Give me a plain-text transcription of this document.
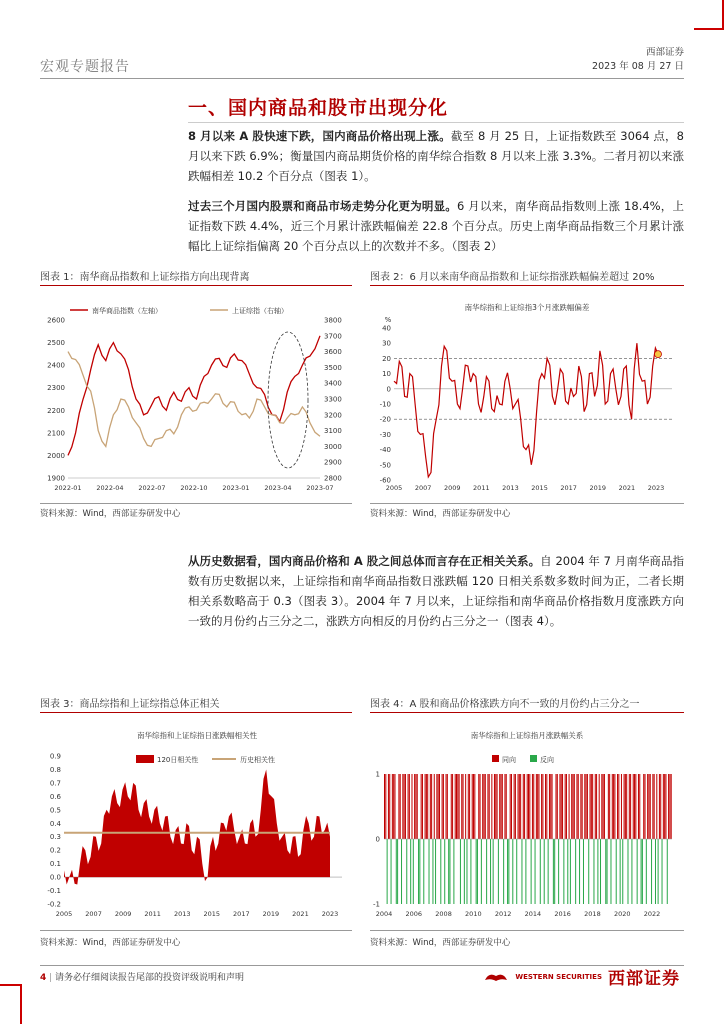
宏观专题报告
西部证券
2023 年 08 月 27 日
一、国内商品和股市出现分化
8 月以来 A 股快速下跌，国内商品价格出现上涨。截至 8 月 25 日，上证指数跌至 3064 点，8 月以来下跌 6.9%；衡量国内商品期货价格的南华综合指数 8 月以来上涨 3.3%。二者月初以来涨跌幅相差 10.2 个百分点（图表 1）。
过去三个月国内股票和商品市场走势分化更为明显。6 月以来，南华商品指数则上涨 18.4%，上证指数下跌 4.4%，近三个月累计涨跌幅偏差 22.8 个百分点。历史上南华商品指数三个月累计涨幅比上证综指偏离 20 个百分点以上的次数并不多。（图表 2）
图表 1：南华商品指数和上证综指方向出现背离
1900
2000
2100
2200
2300
2400
2500
2600
2800
2900
3000
3100
3200
3300
3400
3500
3600
3700
3800
2022-01 2022-04 2022-07 2022-10 2023-01 2023-04 2023-07
南华商品指数（左轴）	上证综指（右轴）
资料来源：Wind，西部证券研发中心
图表 2：6 月以来南华商品指数和上证综指涨跌幅偏差超过 20%
南华综指和上证综指3个月涨跌幅偏差
%
-60
-50
-40
-30
-20
-10
0
10
20
30
40
2005 2007 2009 2011 2013 2015 2017 2019 2021 2023
资料来源：Wind，西部证券研发中心
从历史数据看，国内商品价格和 A 股之间总体而言存在正相关关系。自 2004 年 7 月南华商品指数有历史数据以来，上证综指和南华商品指数日涨跌幅 120 日相关系数多数时间为正，二者长期相关系数略高于 0.3（图表 3）。2004 年 7 月以来，上证综指和南华商品价格指数月度涨跌方向一致的月份约占三分之二，涨跌方向相反的月份约占三分之一（图表 4）。
图表 3：商品综指和上证综指总体正相关
南华综指和上证综指日涨跌幅相关性
-0.2
-0.1
0.0
0.1
0.2
0.3
0.4
0.5
0.6
0.7
0.8
0.9
2005 2007 2009 2011 2013 2015 2017 2019 2021 2023
120日相关性	历史相关性
资料来源：Wind，西部证券研发中心
图表 4：A 股和商品价格涨跌方向不一致的月份约占三分之一
南华综指和上证综指月涨跌幅关系
同向	反向
-1
0
1
2004 2006 2008 2010 2012 2014 2016 2018 2020 2022
资料来源：Wind，西部证券研发中心
4 | 请务必仔细阅读报告尾部的投资评级说明和声明	WESTERN SECURITIES 西部证券
